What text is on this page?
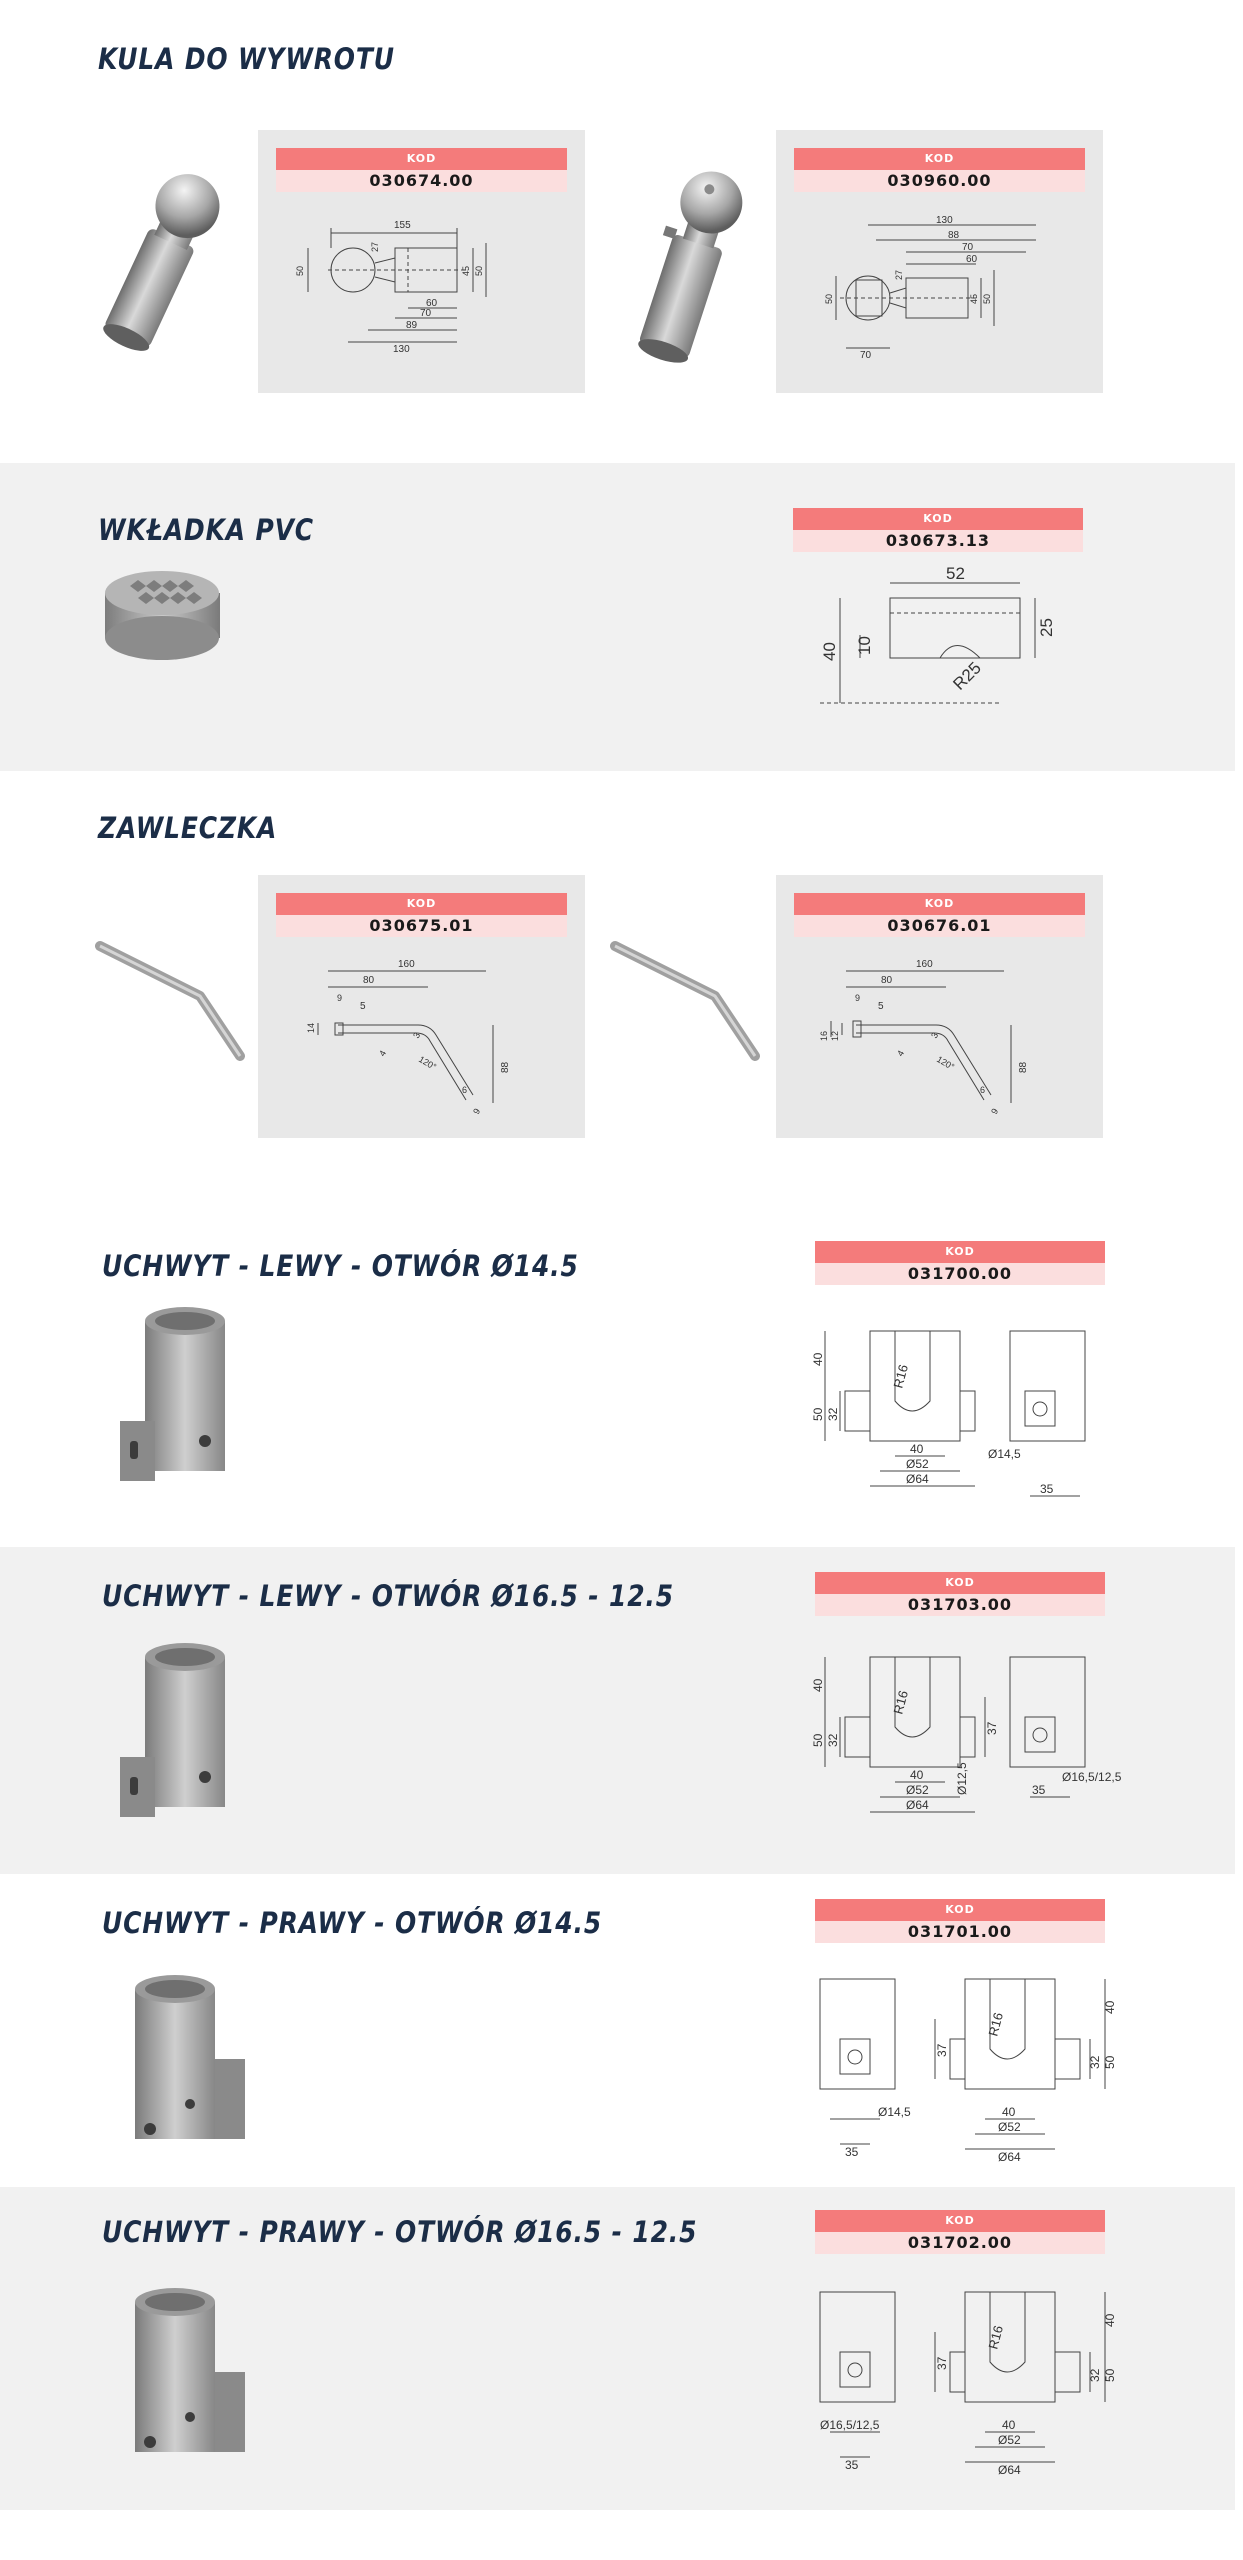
KULA DO WYWROTU
KOD
030674.00
155
27
50	45 50
60
70
89
130
KOD
030960.00
130
88
70
60
27
50	45 50
70
WKŁADKA PVC	KOD
030673.13
52
25
40 10
R25
ZAWLECZKA
KOD
030675.01
160
80
9
5
14
4
3
120°	88
6
9
KOD
030676.01
160
80
9
5
16 12
4
3
120°	88
6
9
UCHWYT - LEWY - OTWÓR Ø14.5	KOD
031700.00
40
50 32
R16
40
Ø52
Ø64
Ø14,5
35
UCHWYT - LEWY - OTWÓR Ø16.5 - 12.5	KOD
031703.00
40
50 32
R16
37
40
Ø52 Ø12,5
Ø64
35
Ø16,5/12,5
UCHWYT - PRAWY - OTWÓR Ø14.5	KOD
031701.00
40
37
R16
50
32
Ø14,5	40
35
Ø52
Ø64
UCHWYT - PRAWY - OTWÓR Ø16.5 - 12.5	KOD
031702.00
40
37
R16
50
32
40
Ø16,5/12,5
Ø52
35	Ø64
